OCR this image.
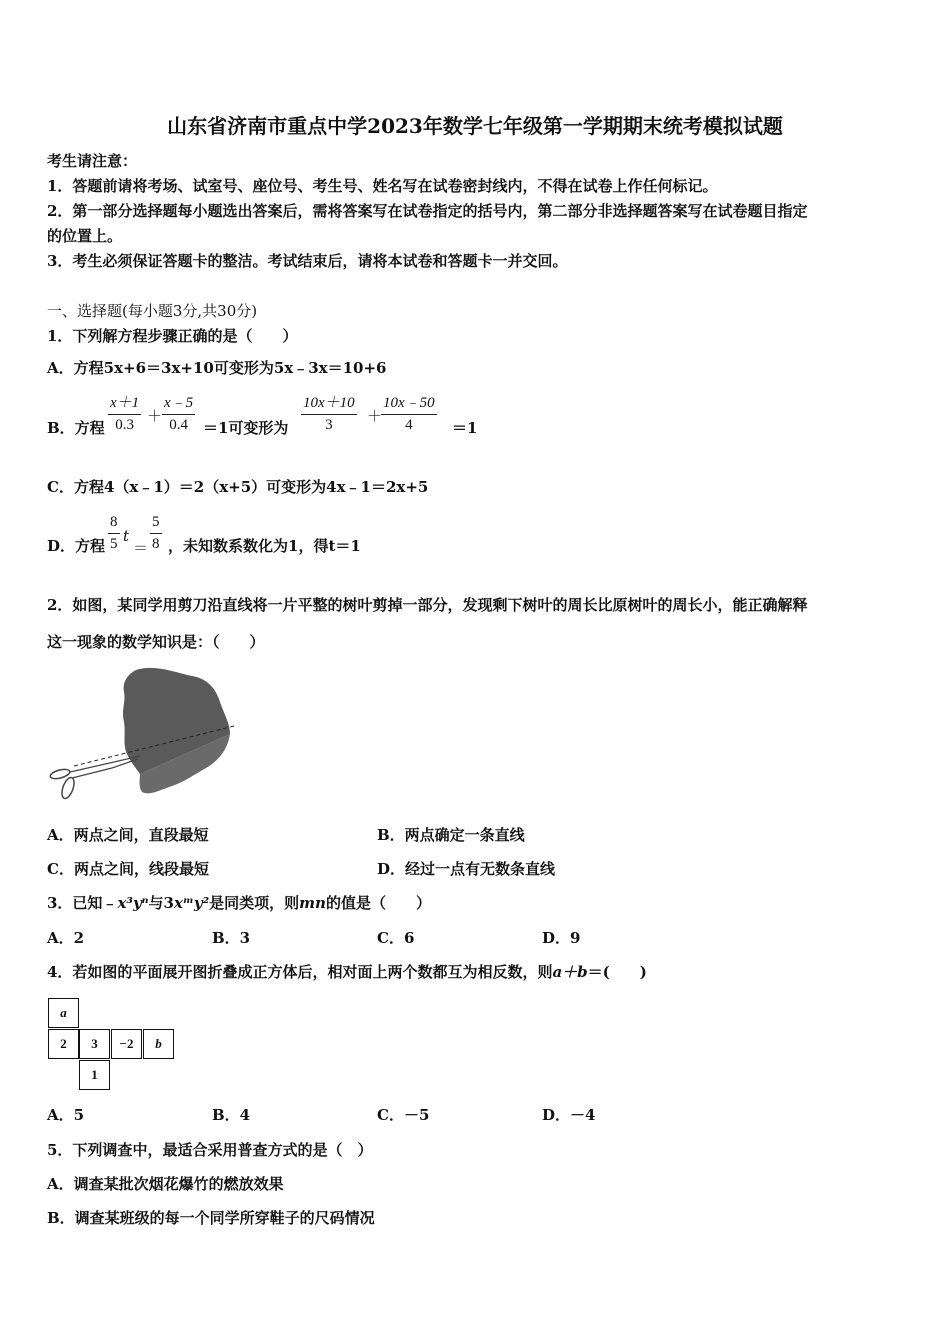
山东省济南市重点中学2023年数学七年级第一学期期末统考模拟试题
考生请注意：
1．答题前请将考场、试室号、座位号、考生号、姓名写在试卷密封线内，不得在试卷上作任何标记。
2．第一部分选择题每小题选出答案后，需将答案写在试卷指定的括号内，第二部分非选择题答案写在试卷题目指定
的位置上。
3．考生必须保证答题卡的整洁。考试结束后，请将本试卷和答题卡一并交回。
一、选择题(每小题3分,共30分)
1．下列解方程步骤正确的是（　　）
A．方程5x+6＝3x+10可变形为5x﹣3x＝10+6
B．方程 $\frac{x+1}{0.3} + \frac{x﹣5}{0.4} =1$可变形为 $\frac{10x+10}{3}$ ＋
$\frac{10x﹣50}{4} =1$
C．方程4（x﹣1）＝2（x+5）可变形为4x﹣1＝2x+5
D．方程 $\frac{8}{5}$ t
＝ $\frac{5}{8}$ ，未知数系数化为1，得t＝1
2．如图，某同学用剪刀沿直线将一片平整的树叶剪掉一部分，发现剩下树叶的周长比原树叶的周长小，能正确解释
这一现象的数学知识是：（　　）
A．两点之间，直段最短	B．两点确定一条直线
C．两点之间，线段最短	D．经过一点有无数条直线
3．已知﹣x³yⁿ与3xᵐy²是同类项，则mn的值是（　　）
A．2	B．3	C．6	D．9
4．若如图的平面展开图折叠成正方体后，相对面上两个数都互为相反数，则a＋b＝(　　)
a
2	3	−2	b
1
A．5	B．4	C．－5	D．－4
5．下列调查中，最适合采用普查方式的是（　）
A．调查某批次烟花爆竹的燃放效果
B．调查某班级的每一个同学所穿鞋子的尺码情况
